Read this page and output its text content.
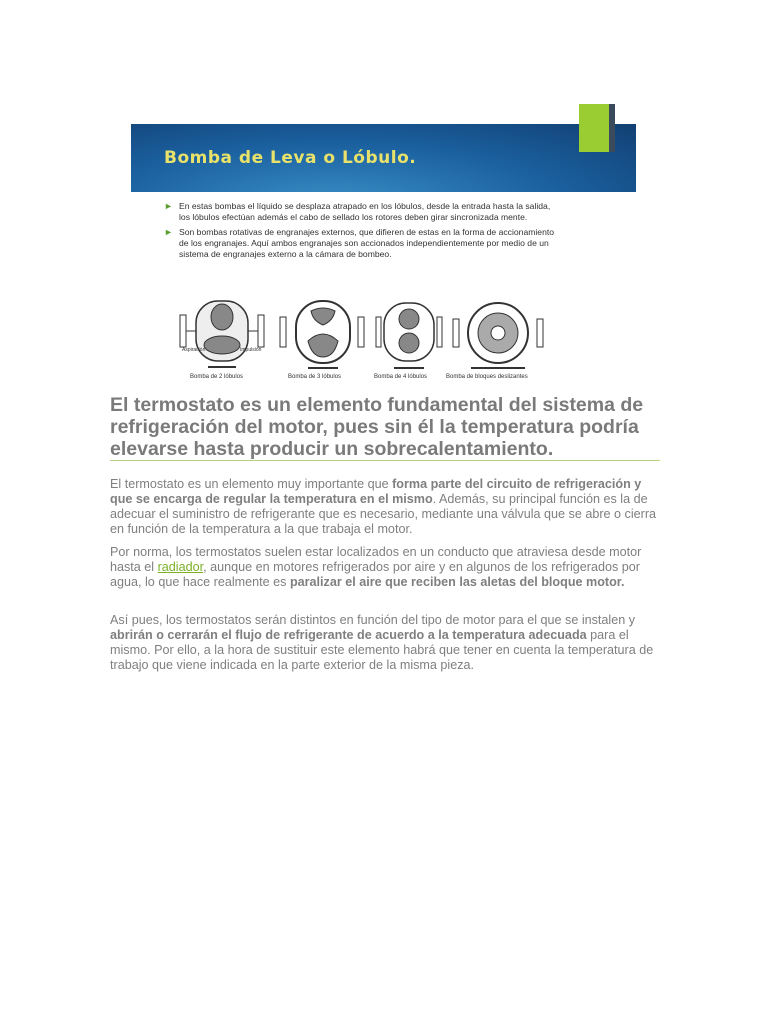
Bomba de Leva o Lóbulo.
► En estas bombas el líquido se desplaza atrapado en los lóbulos, desde la entrada hasta la salida, los lóbulos efectúan además el cabo de sellado los rotores deben girar sincronizada mente.
► Son bombas rotativas de engranajes externos, que difieren de estas en la forma de accionamiento de los engranajes. Aquí ambos engranajes son accionados independientemente por medio de un sistema de engranajes externo a la cámara de bombeo.
Aspiración	Impulsión
Bomba de 2 lóbulos	Bomba de 3 lóbulos	Bomba de 4 lóbulos	Bomba de bloques deslizantes
El termostato es un elemento fundamental del sistema de refrigeración del motor, pues sin él la temperatura podría elevarse hasta producir un sobrecalentamiento.

El termostato es un elemento muy importante que forma parte del circuito de refrigeración y que se encarga de regular la temperatura en el mismo. Además, su principal función es la de adecuar el suministro de refrigerante que es necesario, mediante una válvula que se abre o cierra en función de la temperatura a la que trabaja el motor.

Por norma, los termostatos suelen estar localizados en un conducto que atraviesa desde motor hasta el radiador, aunque en motores refrigerados por aire y en algunos de los refrigerados por agua, lo que hace realmente es paralizar el aire que reciben las aletas del bloque motor.

Así pues, los termostatos serán distintos en función del tipo de motor para el que se instalen y abrirán o cerrarán el flujo de refrigerante de acuerdo a la temperatura adecuada para el mismo. Por ello, a la hora de sustituir este elemento habrá que tener en cuenta la temperatura de trabajo que viene indicada en la parte exterior de la misma pieza.
